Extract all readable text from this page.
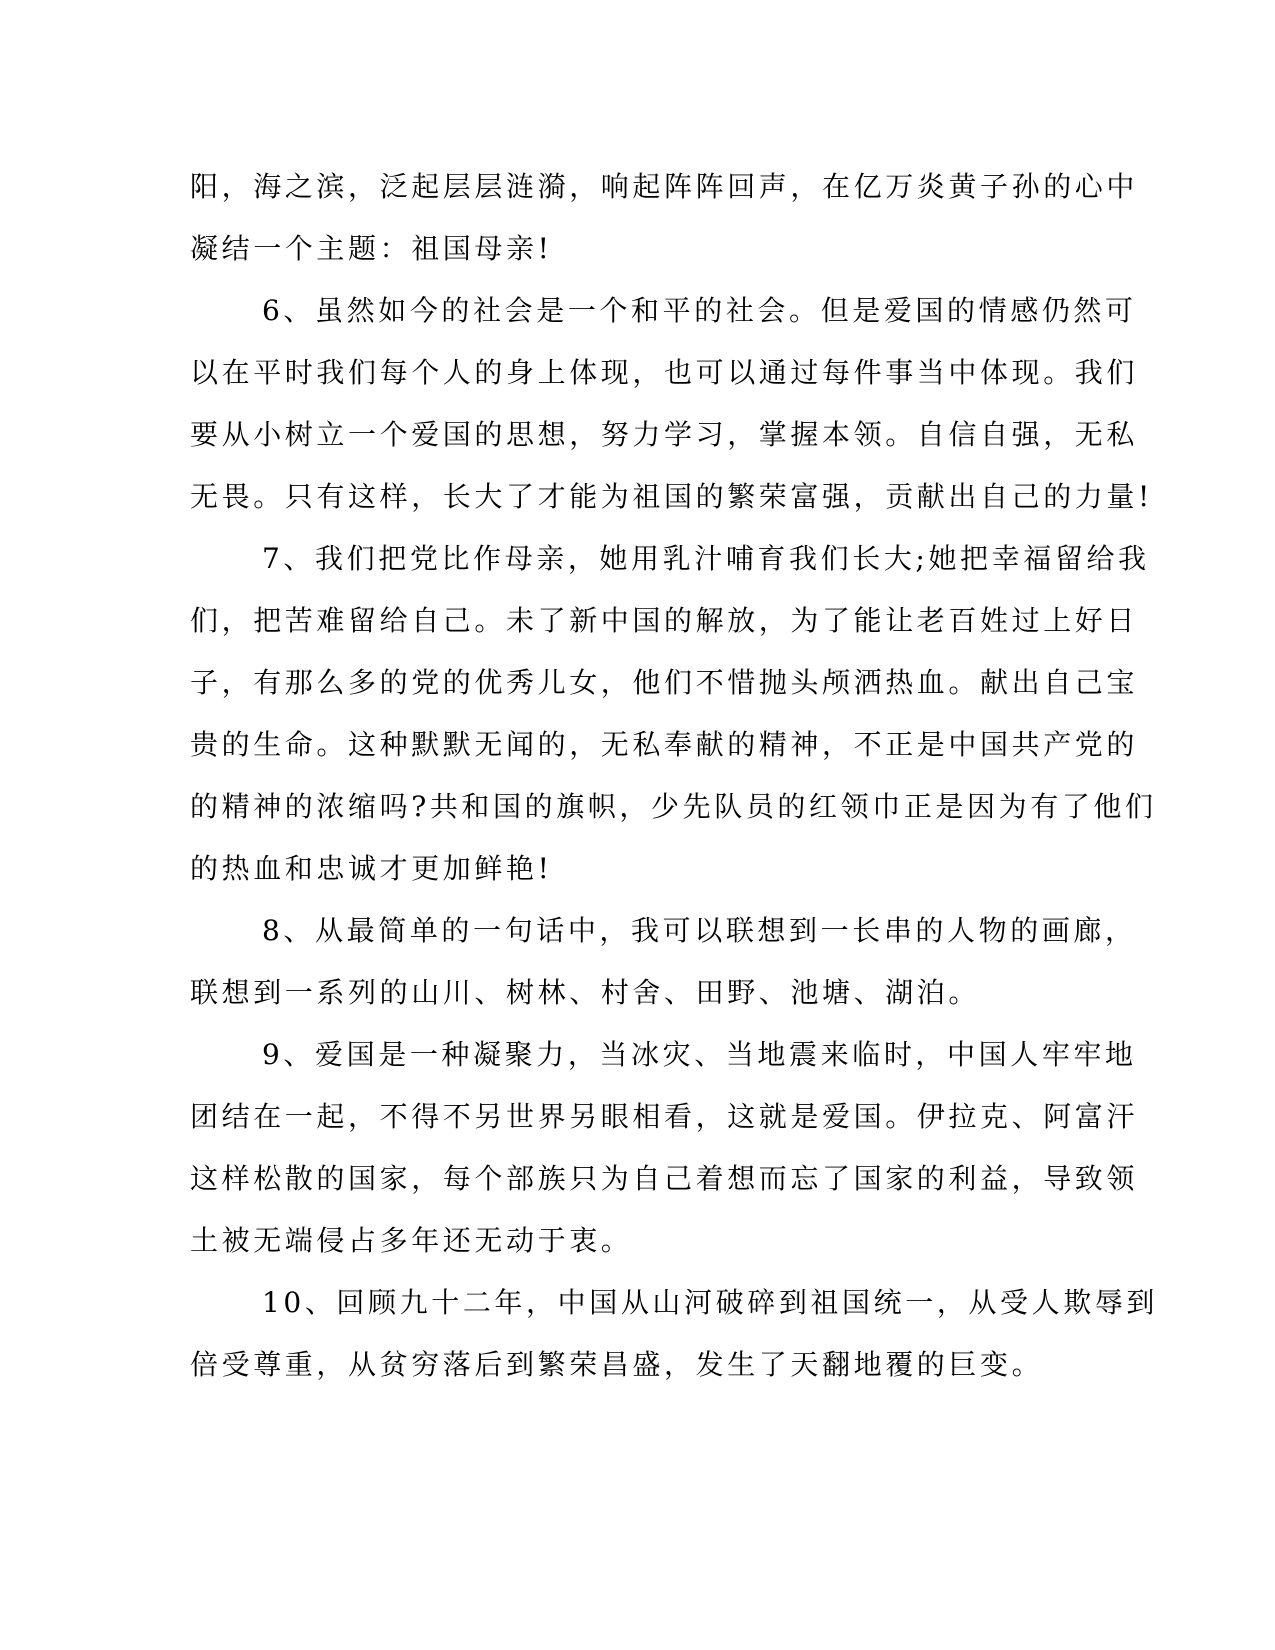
阳，海之滨，泛起层层涟漪，响起阵阵回声，在亿万炎黄子孙的心中
凝结一个主题：祖国母亲!
6、虽然如今的社会是一个和平的社会。但是爱国的情感仍然可
以在平时我们每个人的身上体现，也可以通过每件事当中体现。我们
要从小树立一个爱国的思想，努力学习，掌握本领。自信自强，无私
无畏。只有这样，长大了才能为祖国的繁荣富强，贡献出自己的力量!
7、我们把党比作母亲，她用乳汁哺育我们长大;她把幸福留给我
们，把苦难留给自己。未了新中国的解放，为了能让老百姓过上好日
子，有那么多的党的优秀儿女，他们不惜抛头颅洒热血。献出自己宝
贵的生命。这种默默无闻的，无私奉献的精神，不正是中国共产党的
的精神的浓缩吗?共和国的旗帜，少先队员的红领巾正是因为有了他们
的热血和忠诚才更加鲜艳!
8、从最简单的一句话中，我可以联想到一长串的人物的画廊，
联想到一系列的山川、树林、村舍、田野、池塘、湖泊。
9、爱国是一种凝聚力，当冰灾、当地震来临时，中国人牢牢地
团结在一起，不得不另世界另眼相看，这就是爱国。伊拉克、阿富汗
这样松散的国家，每个部族只为自己着想而忘了国家的利益，导致领
土被无端侵占多年还无动于衷。
10、回顾九十二年，中国从山河破碎到祖国统一，从受人欺辱到
倍受尊重，从贫穷落后到繁荣昌盛，发生了天翻地覆的巨变。
